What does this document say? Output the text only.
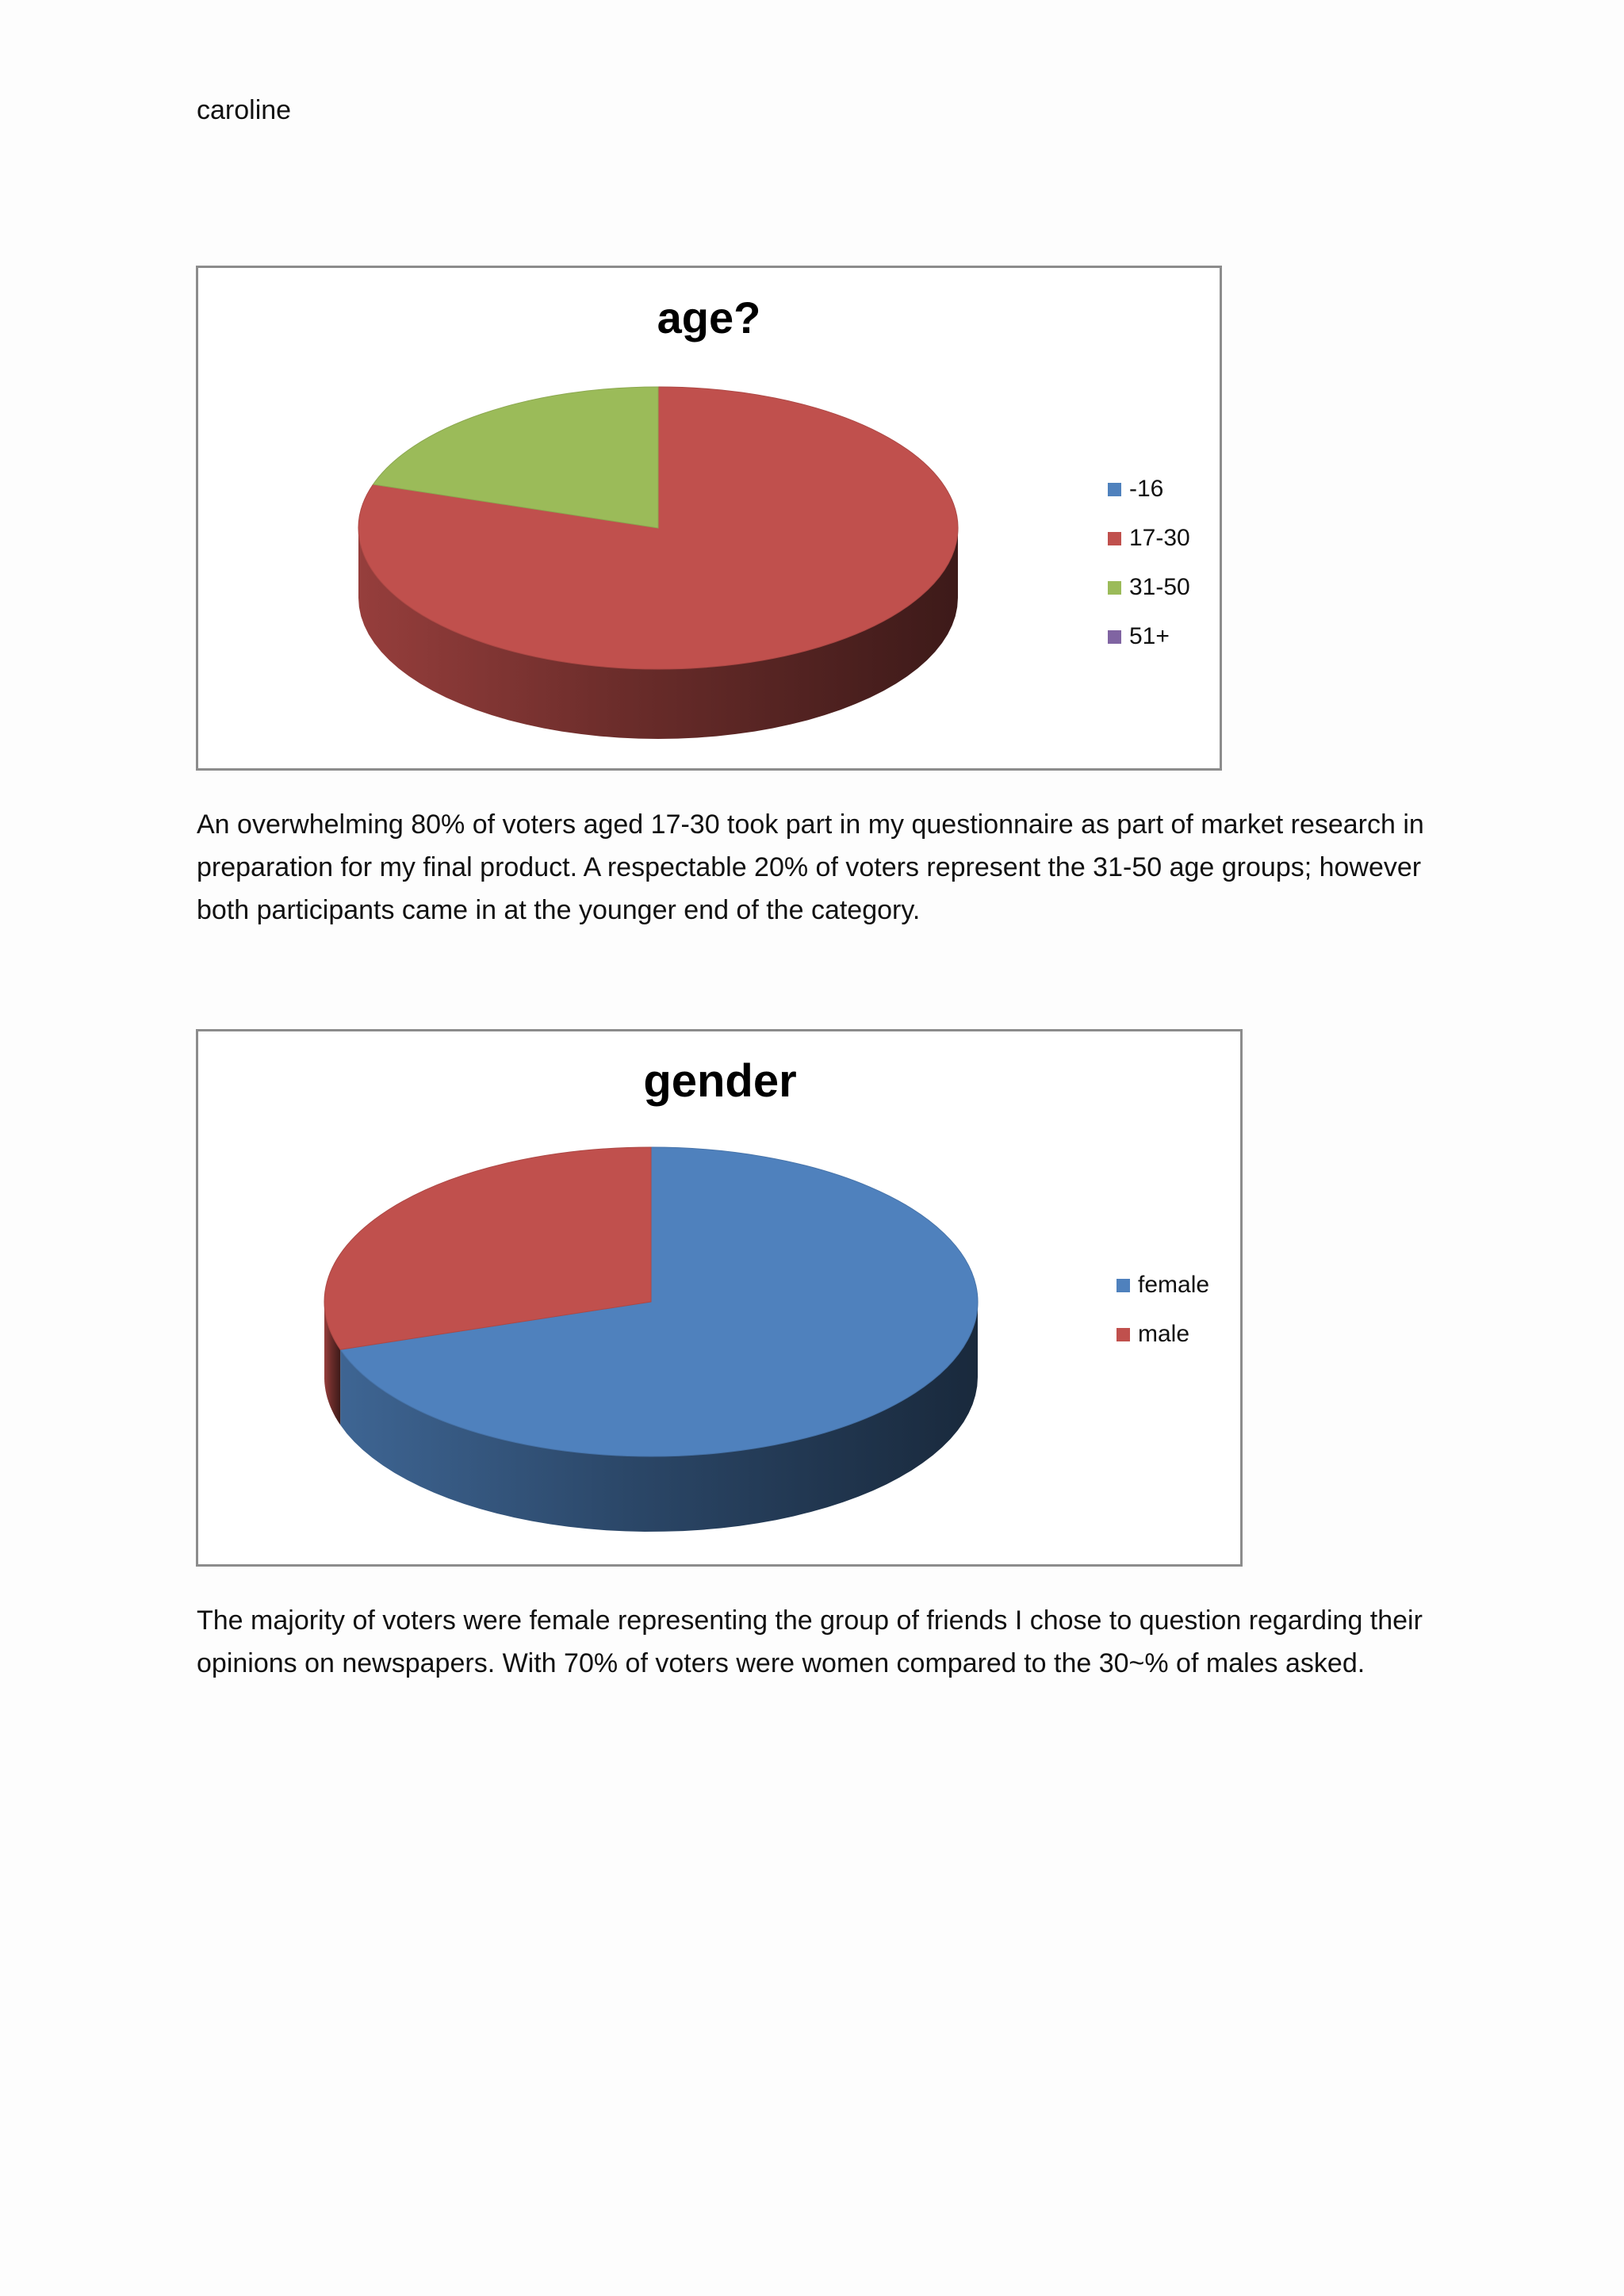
caroline
age?
-16
17-30
31-50
51+

An overwhelming 80% of voters aged 17-30 took part in my questionnaire as part of market research in preparation for my final product. A respectable 20% of voters represent the 31-50 age groups; however both participants came in at the younger end of the category.

gender
female
male

The majority of voters were female representing the group of friends I chose to question regarding their opinions on newspapers. With 70% of voters were women compared to the 30~% of males asked.
